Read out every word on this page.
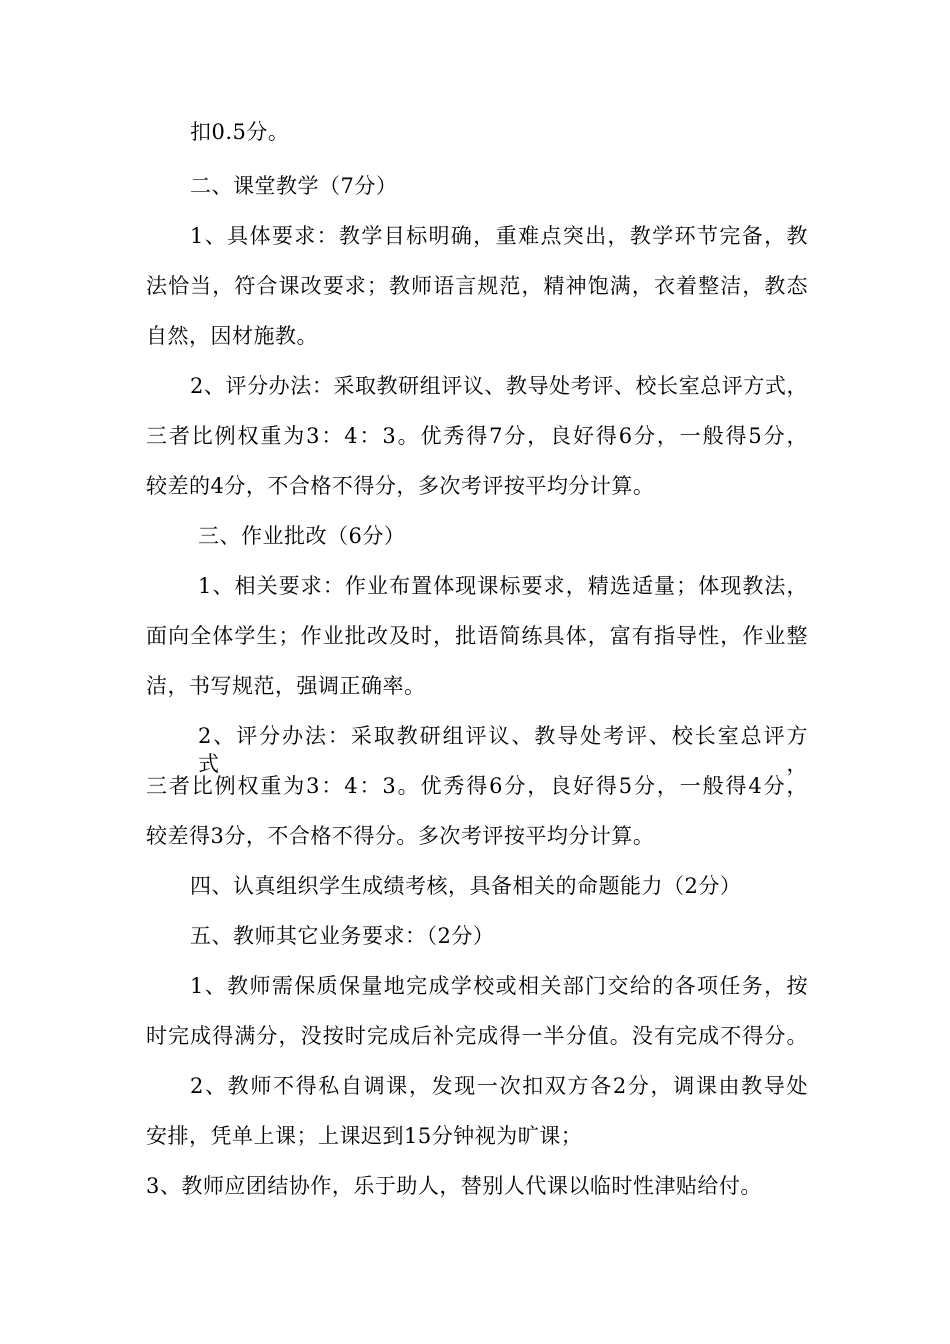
扣0.5分。
二、课堂教学（7分）
1、具体要求：教学目标明确，重难点突出，教学环节完备，教
法恰当，符合课改要求；教师语言规范，精神饱满，衣着整洁，教态
自然，因材施教。
2、评分办法：采取教研组评议、教导处考评、校长室总评方式，
三者比例权重为3：4：3。优秀得7分，良好得6分，一般得5分，
较差的4分，不合格不得分，多次考评按平均分计算。
三、作业批改（6分）
1、相关要求：作业布置体现课标要求，精选适量；体现教法，
面向全体学生；作业批改及时，批语简练具体，富有指导性，作业整
洁，书写规范，强调正确率。
2、评分办法：采取教研组评议、教导处考评、校长室总评方式，
三者比例权重为3：4：3。优秀得6分，良好得5分，一般得4分，
较差得3分，不合格不得分。多次考评按平均分计算。
四、认真组织学生成绩考核，具备相关的命题能力（2分）
五、教师其它业务要求：（2分）
1、教师需保质保量地完成学校或相关部门交给的各项任务，按
时完成得满分，没按时完成后补完成得一半分值。没有完成不得分。
2、教师不得私自调课，发现一次扣双方各2分，调课由教导处
安排，凭单上课；上课迟到15分钟视为旷课；
3、教师应团结协作，乐于助人，替别人代课以临时性津贴给付。
